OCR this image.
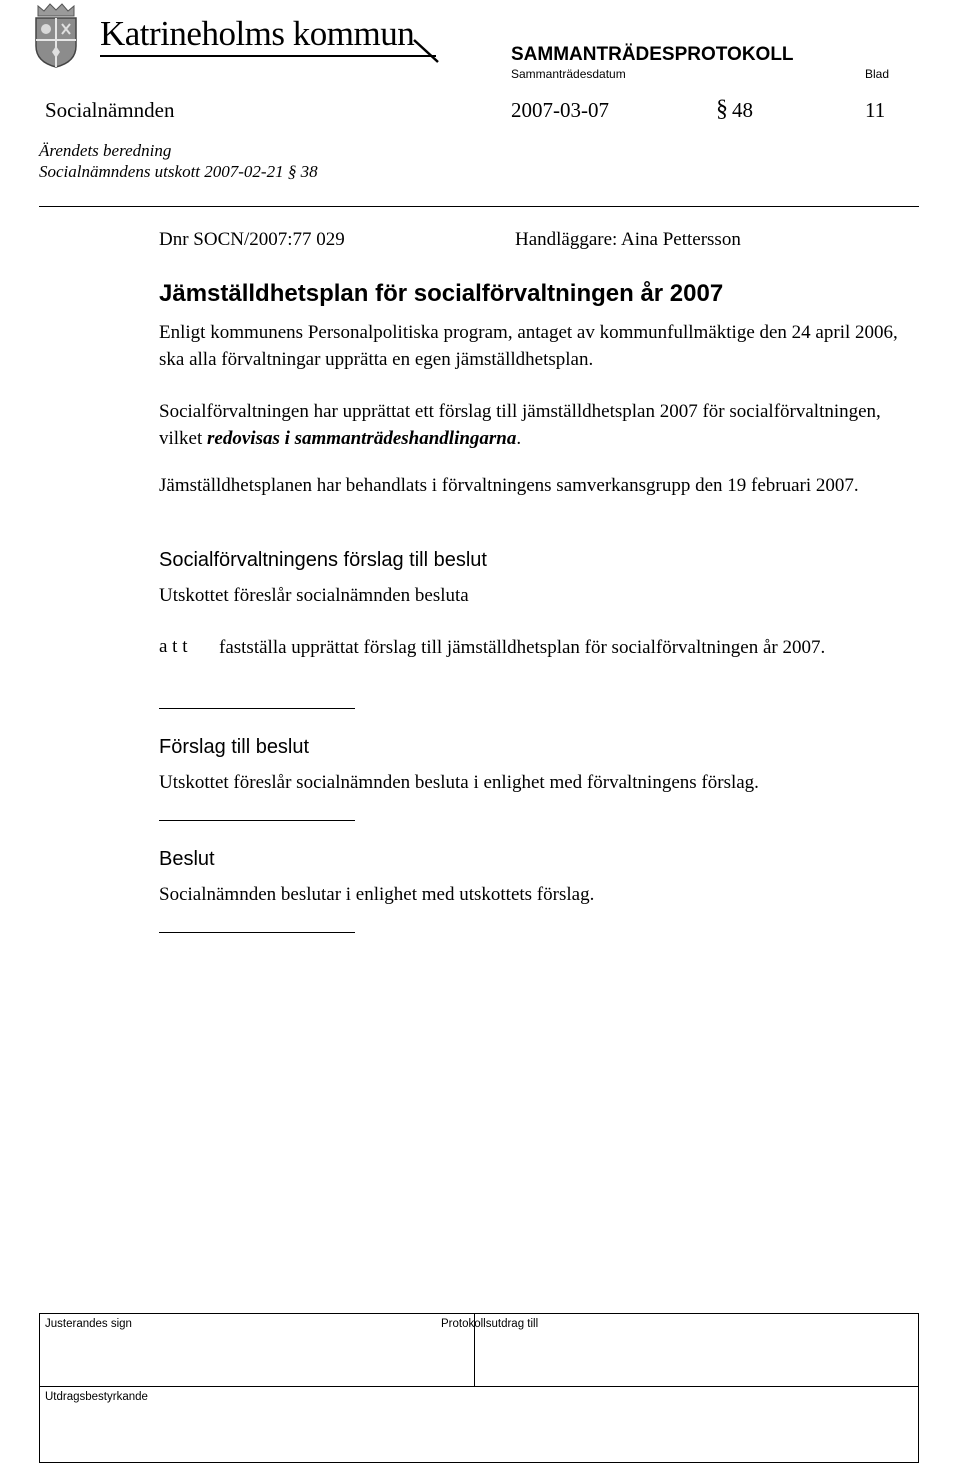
Katrineholms kommun
SAMMANTRÄDESPROTOKOLL
Sammanträdesdatum	Blad
Socialnämnden	2007-03-07	§ 48	11
Ärendets beredning
Socialnämndens utskott 2007-02-21 § 38
Dnr SOCN/2007:77 029	Handläggare: Aina Pettersson
Jämställdhetsplan för socialförvaltningen år 2007
Enligt kommunens Personalpolitiska program, antaget av kommunfullmäktige den 24 april 2006, ska alla förvaltningar upprätta en egen jämställdhetsplan.
Socialförvaltningen har upprättat ett förslag till jämställdhetsplan 2007 för socialförvaltningen, vilket redovisas i sammanträdeshandlingarna.
Jämställdhetsplanen har behandlats i förvaltningens samverkansgrupp den 19 februari 2007.
Socialförvaltningens förslag till beslut
Utskottet föreslår socialnämnden besluta
a t t fastställa upprättat förslag till jämställdhetsplan för socialförvaltningen år 2007.
Förslag till beslut
Utskottet föreslår socialnämnden besluta i enlighet med förvaltningens förslag.
Beslut
Socialnämnden beslutar i enlighet med utskottets förslag.
Justerandes sign	Protokollsutdrag till
Utdragsbestyrkande
